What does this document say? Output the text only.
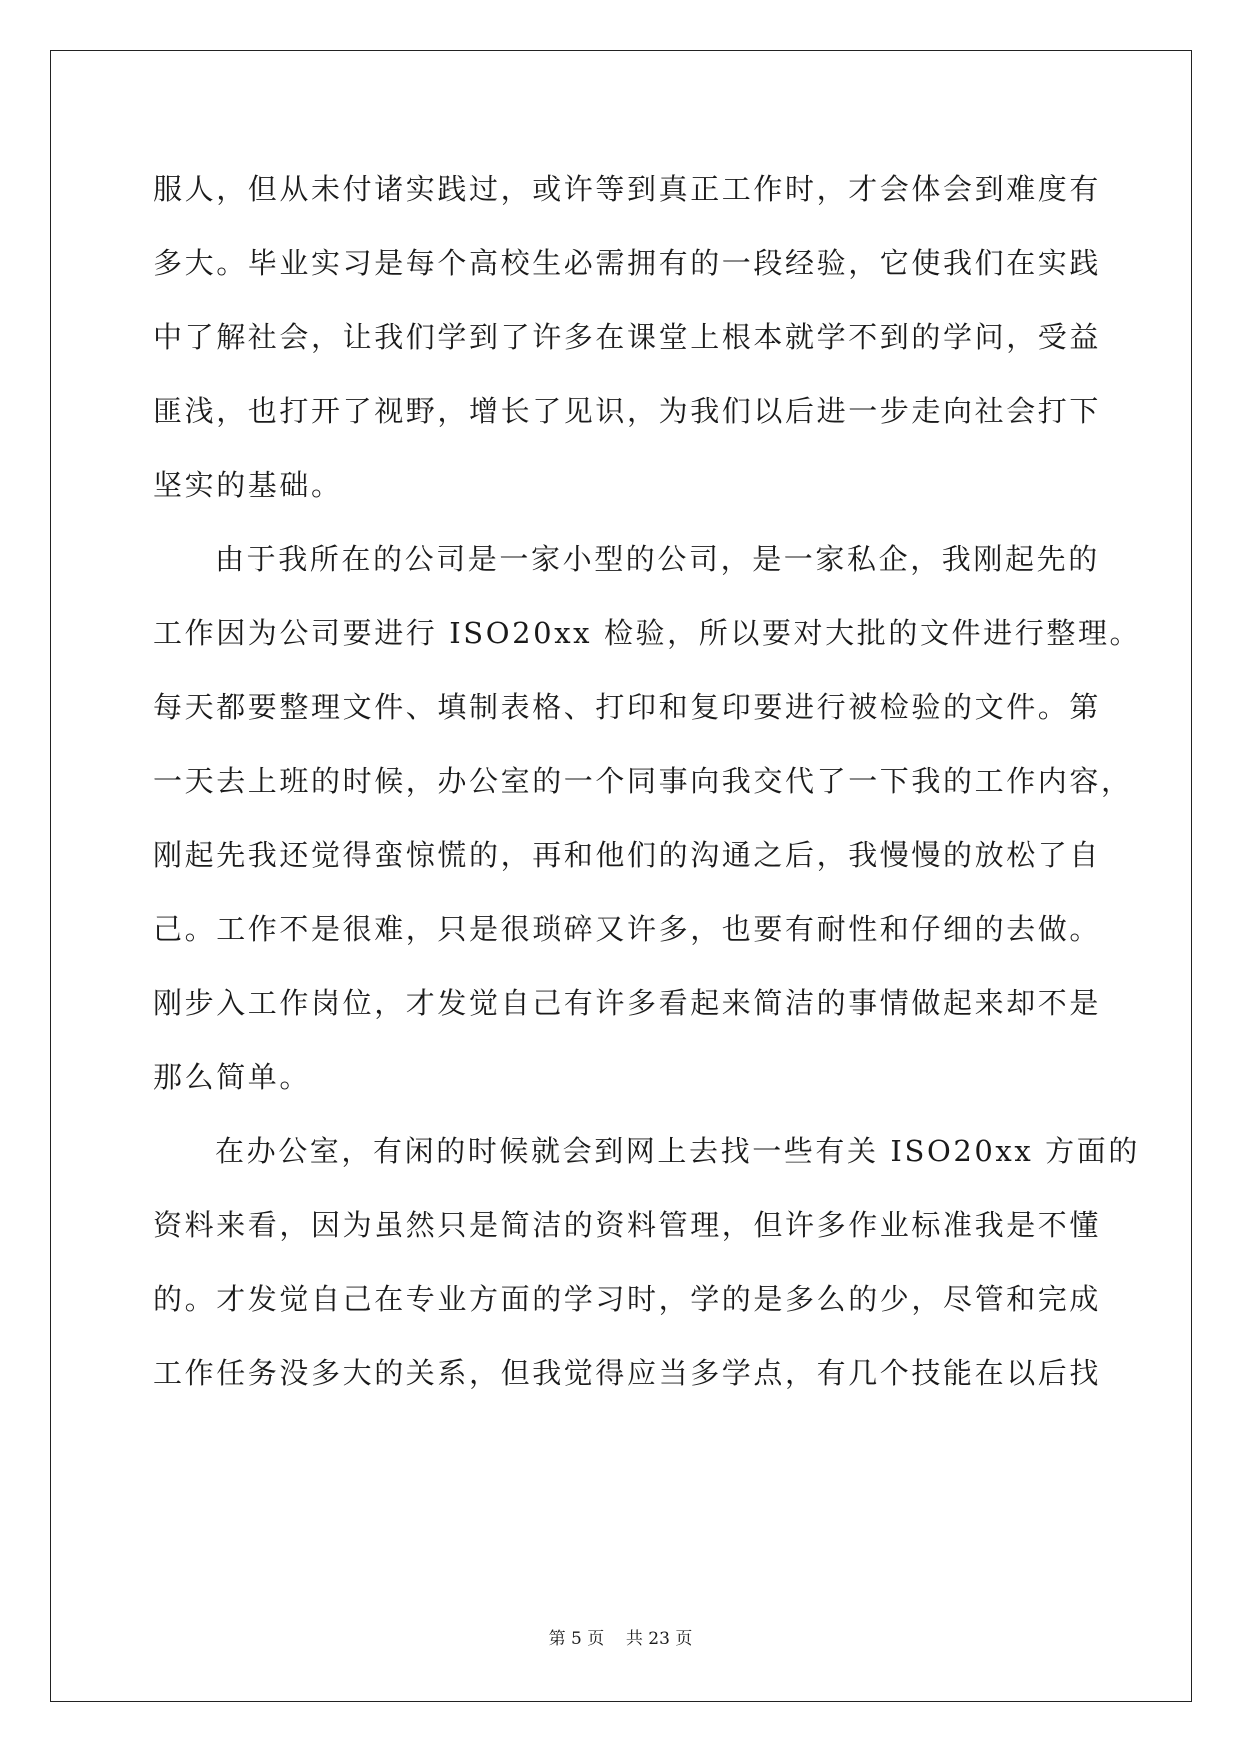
服人，但从未付诸实践过，或许等到真正工作时，才会体会到难度有
多大。毕业实习是每个高校生必需拥有的一段经验，它使我们在实践
中了解社会，让我们学到了许多在课堂上根本就学不到的学问，受益
匪浅，也打开了视野，增长了见识，为我们以后进一步走向社会打下
坚实的基础。
由于我所在的公司是一家小型的公司，是一家私企，我刚起先的
工作因为公司要进行 ISO20xx 检验，所以要对大批的文件进行整理。
每天都要整理文件、填制表格、打印和复印要进行被检验的文件。第
一天去上班的时候，办公室的一个同事向我交代了一下我的工作内容，
刚起先我还觉得蛮惊慌的，再和他们的沟通之后，我慢慢的放松了自
己。工作不是很难，只是很琐碎又许多，也要有耐性和仔细的去做。
刚步入工作岗位，才发觉自己有许多看起来简洁的事情做起来却不是
那么简单。
在办公室，有闲的时候就会到网上去找一些有关 ISO20xx 方面的
资料来看，因为虽然只是简洁的资料管理，但许多作业标准我是不懂
的。才发觉自己在专业方面的学习时，学的是多么的少，尽管和完成
工作任务没多大的关系，但我觉得应当多学点，有几个技能在以后找
第 5 页    共 23 页
